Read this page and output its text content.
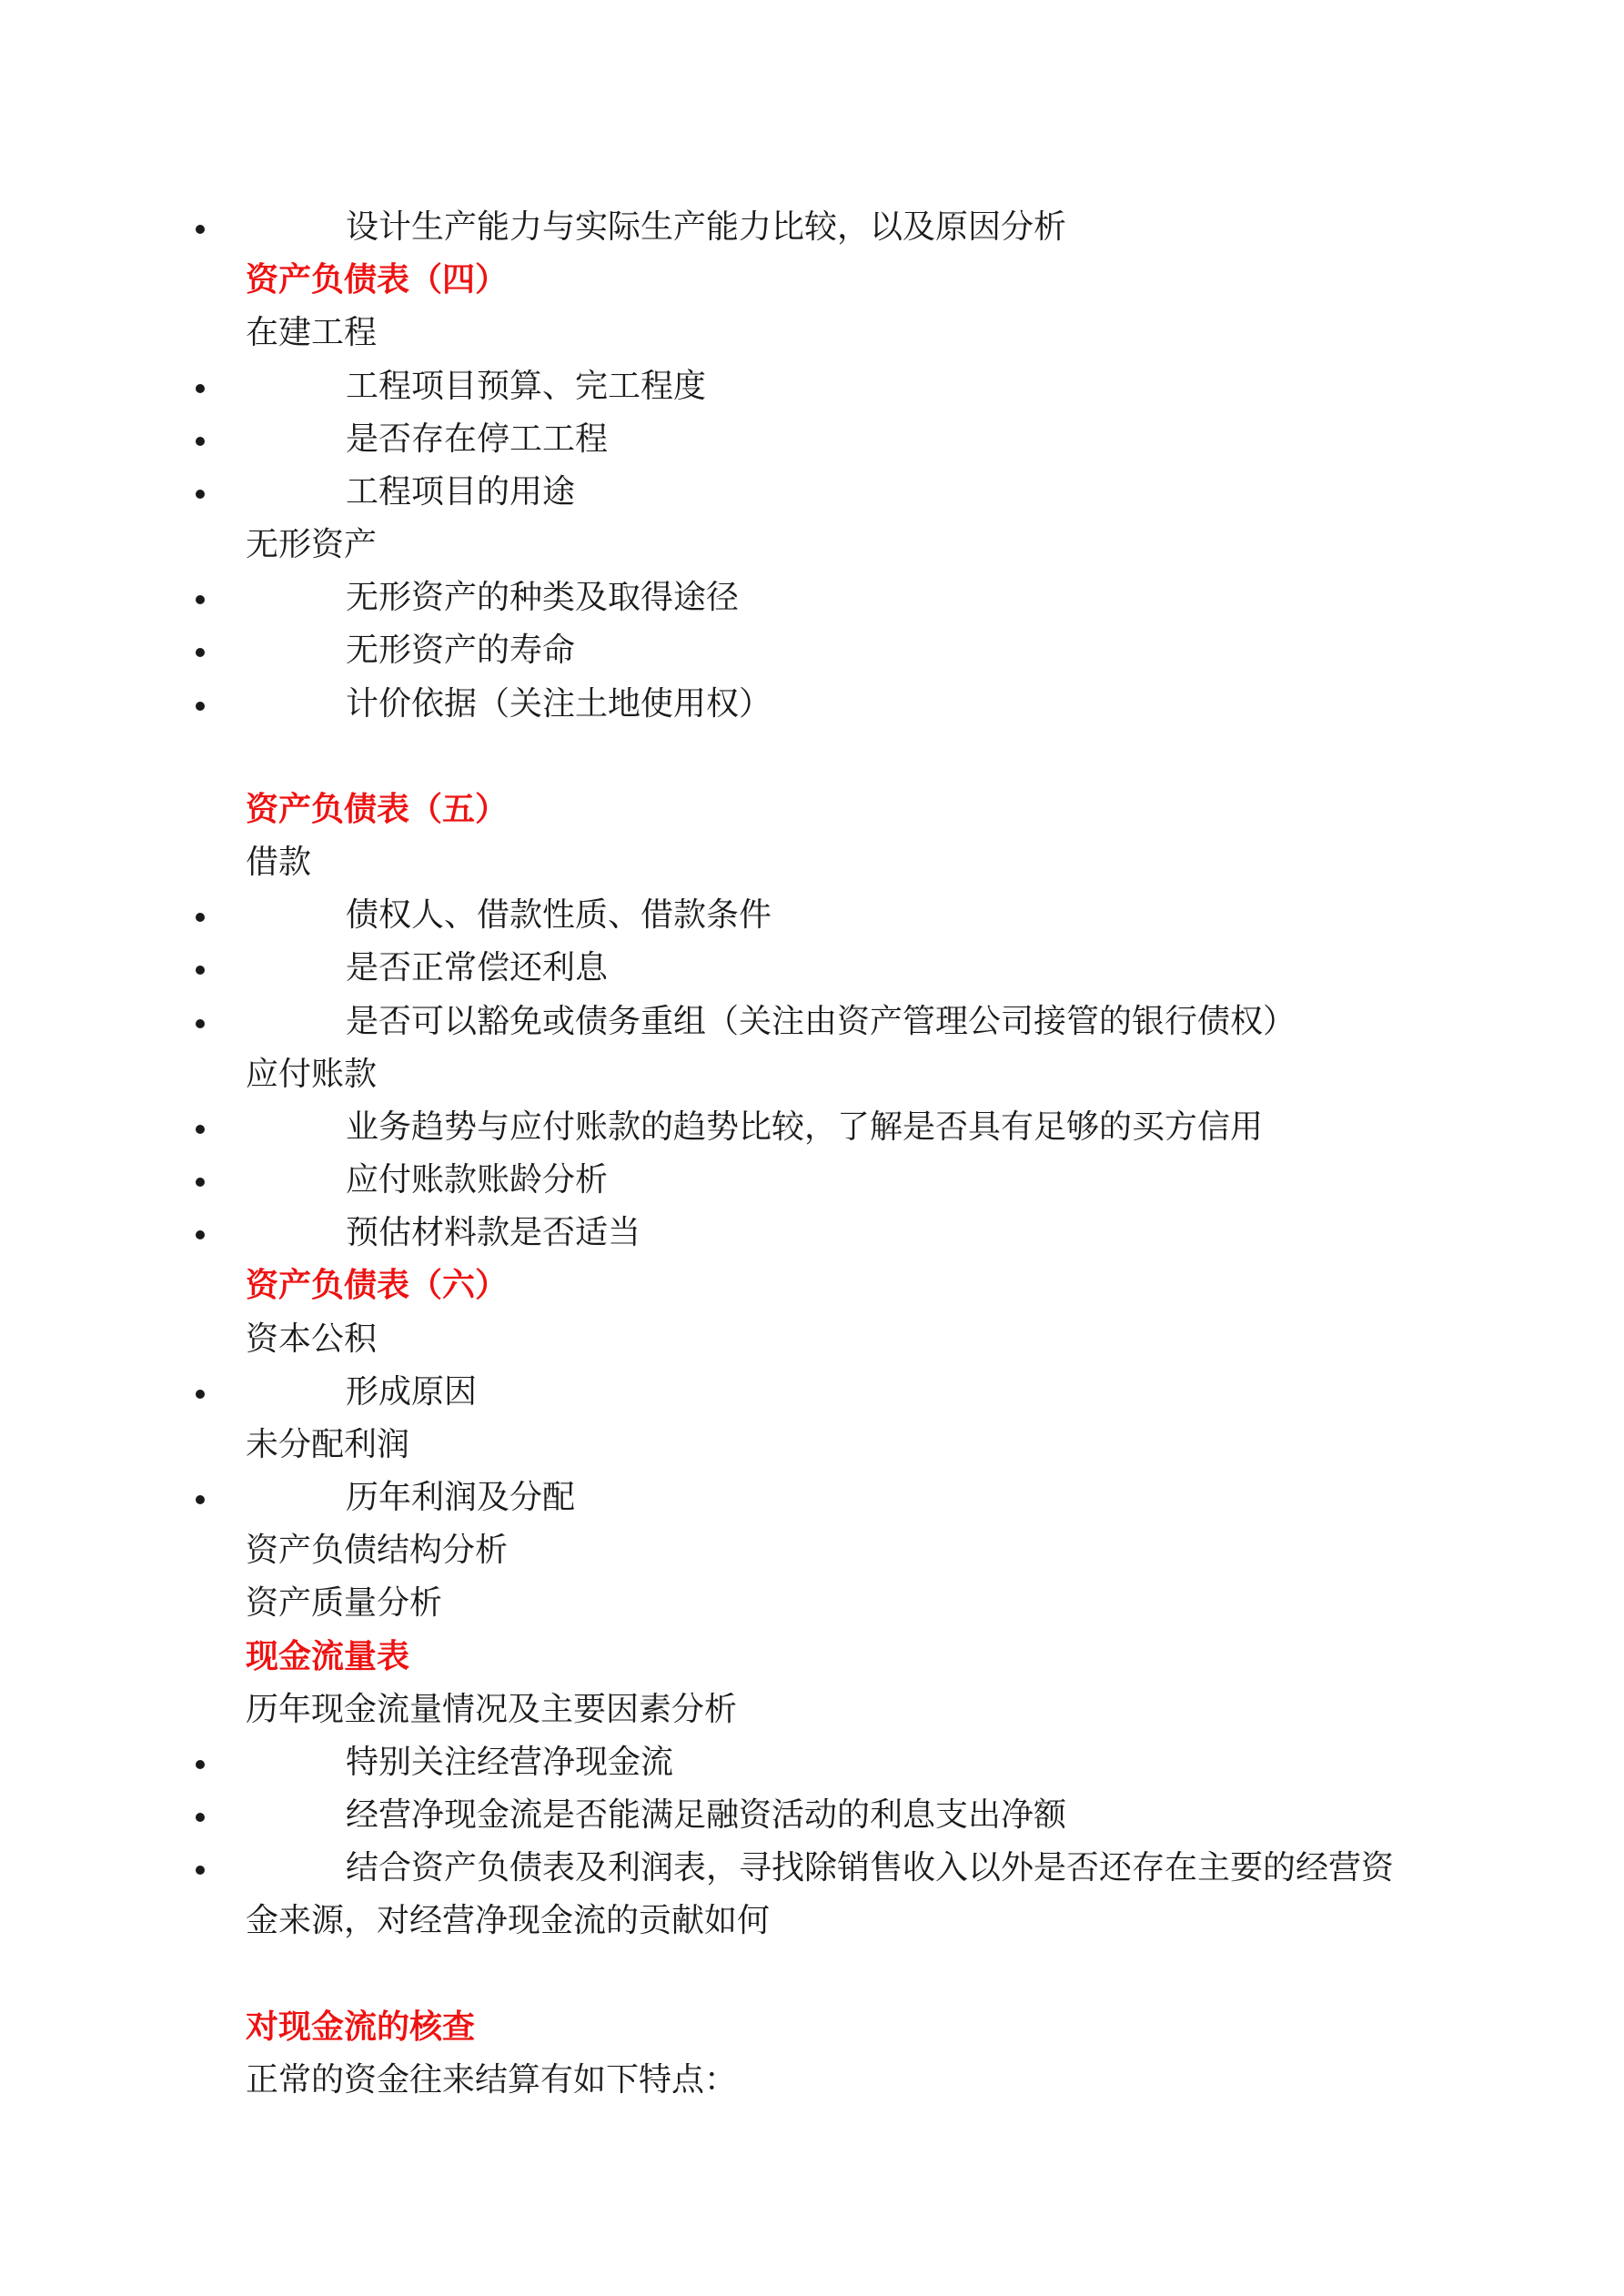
设计生产能力与实际生产能力比较，以及原因分析
资产负债表（四）
在建工程
工程项目预算、完工程度
是否存在停工工程
工程项目的用途
无形资产
无形资产的种类及取得途径
无形资产的寿命
计价依据（关注土地使用权）
资产负债表（五）
借款
债权人、借款性质、借款条件
是否正常偿还利息
是否可以豁免或债务重组（关注由资产管理公司接管的银行债权）
应付账款
业务趋势与应付账款的趋势比较，了解是否具有足够的买方信用
应付账款账龄分析
预估材料款是否适当
资产负债表（六）
资本公积
形成原因
未分配利润
历年利润及分配
资产负债结构分析
资产质量分析
现金流量表
历年现金流量情况及主要因素分析
特别关注经营净现金流
经营净现金流是否能满足融资活动的利息支出净额
结合资产负债表及利润表，寻找除销售收入以外是否还存在主要的经营资
金来源，对经营净现金流的贡献如何
对现金流的核查
正常的资金往来结算有如下特点：
